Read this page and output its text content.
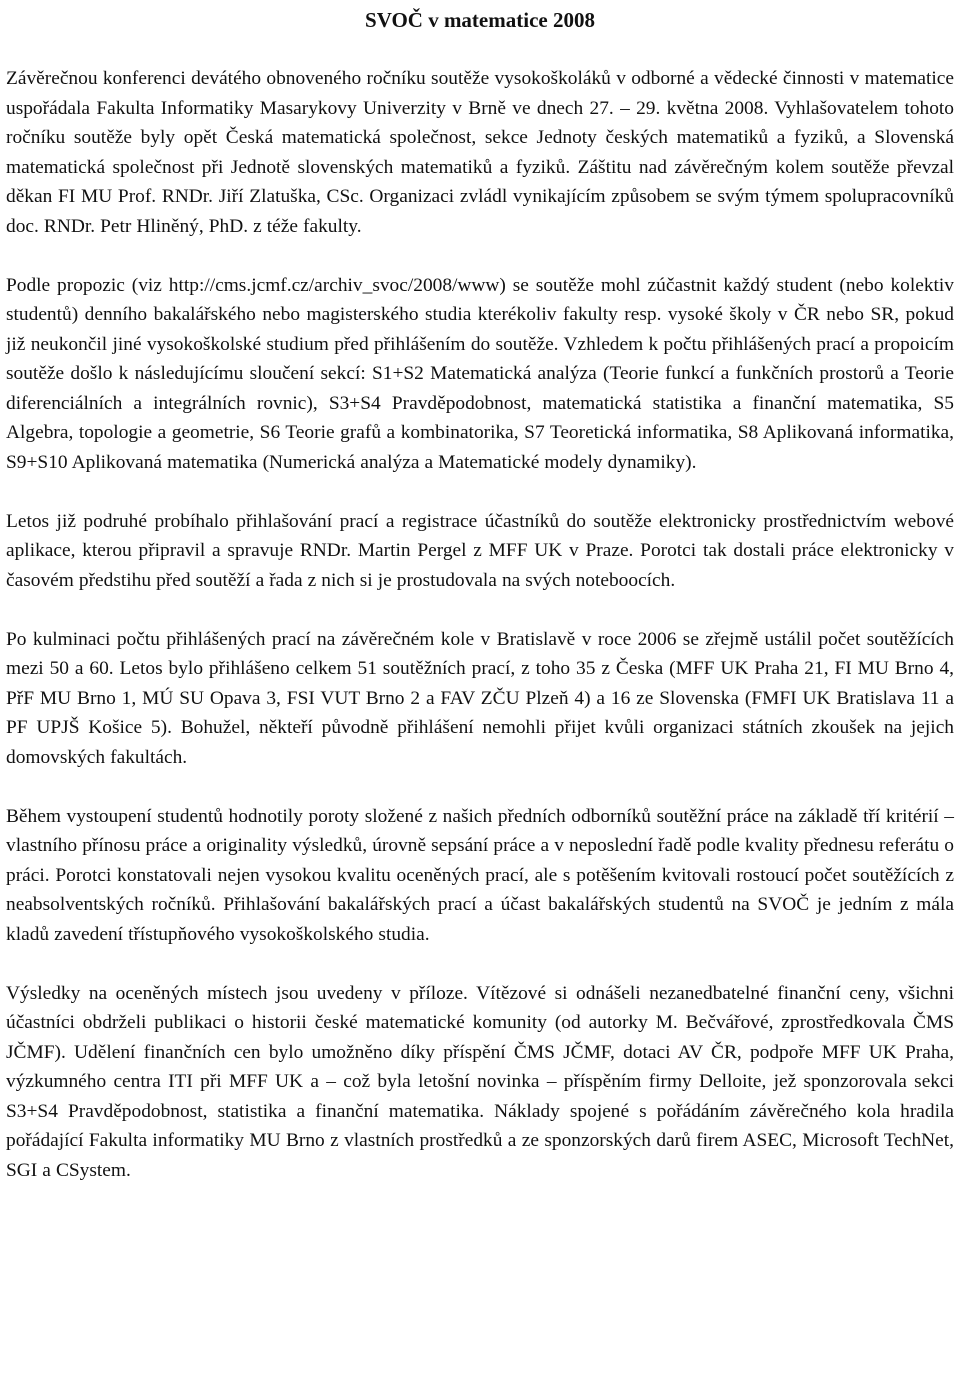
SVOČ v matematice 2008

Závěrečnou konferenci devátého obnoveného ročníku soutěže vysokoškoláků v odborné a vědecké činnosti v matematice uspořádala Fakulta Informatiky Masarykovy Univerzity v Brně ve dnech 27. – 29. května 2008. Vyhlašovatelem tohoto ročníku soutěže byly opět Česká matematická společnost, sekce Jednoty českých matematiků a fyziků, a Slovenská matematická společnost při Jednotě slovenských matematiků a fyziků. Záštitu nad závěrečným kolem soutěže převzal děkan FI MU Prof. RNDr. Jiří Zlatuška, CSc. Organizaci zvládl vynikajícím způsobem se svým týmem spolupracovníků doc. RNDr. Petr Hliněný, PhD. z téže fakulty.

Podle propozic (viz http://cms.jcmf.cz/archiv_svoc/2008/www) se soutěže mohl zúčastnit každý student (nebo kolektiv studentů) denního bakalářského nebo magisterského studia kterékoliv fakulty resp. vysoké školy v ČR nebo SR, pokud již neukončil jiné vysokoškolské studium před přihlášením do soutěže. Vzhledem k počtu přihlášených prací a propoicím soutěže došlo k následujícímu sloučení sekcí: S1+S2 Matematická analýza (Teorie funkcí a funkčních prostorů a Teorie diferenciálních a integrálních rovnic), S3+S4 Pravděpodobnost, matematická statistika a finanční matematika, S5 Algebra, topologie a geometrie, S6 Teorie grafů a kombinatorika, S7 Teoretická informatika, S8 Aplikovaná informatika, S9+S10 Aplikovaná matematika (Numerická analýza a Matematické modely dynamiky).

Letos již podruhé probíhalo přihlašování prací a registrace účastníků do soutěže elektronicky prostřednictvím webové aplikace, kterou připravil a spravuje RNDr. Martin Pergel z MFF UK v Praze. Porotci tak dostali práce elektronicky v časovém předstihu před soutěží a řada z nich si je prostudovala na svých noteboocích.

Po kulminaci počtu přihlášených prací na závěrečném kole v Bratislavě v roce 2006 se zřejmě ustálil počet soutěžících mezi 50 a 60. Letos bylo přihlášeno celkem 51 soutěžních prací, z toho 35 z Česka (MFF UK Praha 21, FI MU Brno 4, PřF MU Brno 1, MÚ SU Opava 3, FSI VUT Brno 2 a FAV ZČU Plzeň 4) a 16 ze Slovenska (FMFI UK Bratislava 11 a PF UPJŠ Košice 5). Bohužel, někteří původně přihlášení nemohli přijet kvůli organizaci státních zkoušek na jejich domovských fakultách.

Během vystoupení studentů hodnotily poroty složené z našich předních odborníků soutěžní práce na základě tří kritérií – vlastního přínosu práce a originality výsledků, úrovně sepsání práce a v neposlední řadě podle kvality přednesu referátu o práci. Porotci konstatovali nejen vysokou kvalitu oceněných prací, ale s potěšením kvitovali rostoucí počet soutěžících z neabsolventských ročníků. Přihlašování bakalářských prací a účast bakalářských studentů na SVOČ je jedním z mála kladů zavedení třístupňového vysokoškolského studia.

Výsledky na oceněných místech jsou uvedeny v příloze. Vítězové si odnášeli nezanedbatelné finanční ceny, všichni účastníci obdrželi publikaci o historii české matematické komunity (od autorky M. Bečvářové, zprostředkovala ČMS JČMF). Udělení finančních cen bylo umožněno díky příspění ČMS JČMF, dotaci AV ČR, podpoře MFF UK Praha, výzkumného centra ITI při MFF UK a – což byla letošní novinka – příspěním firmy Delloite, jež sponzorovala sekci S3+S4 Pravděpodobnost, statistika a finanční matematika. Náklady spojené s pořádáním závěrečného kola hradila pořádající Fakulta informatiky MU Brno z vlastních prostředků a ze sponzorských darů firem ASEC, Microsoft TechNet, SGI a CSystem.
